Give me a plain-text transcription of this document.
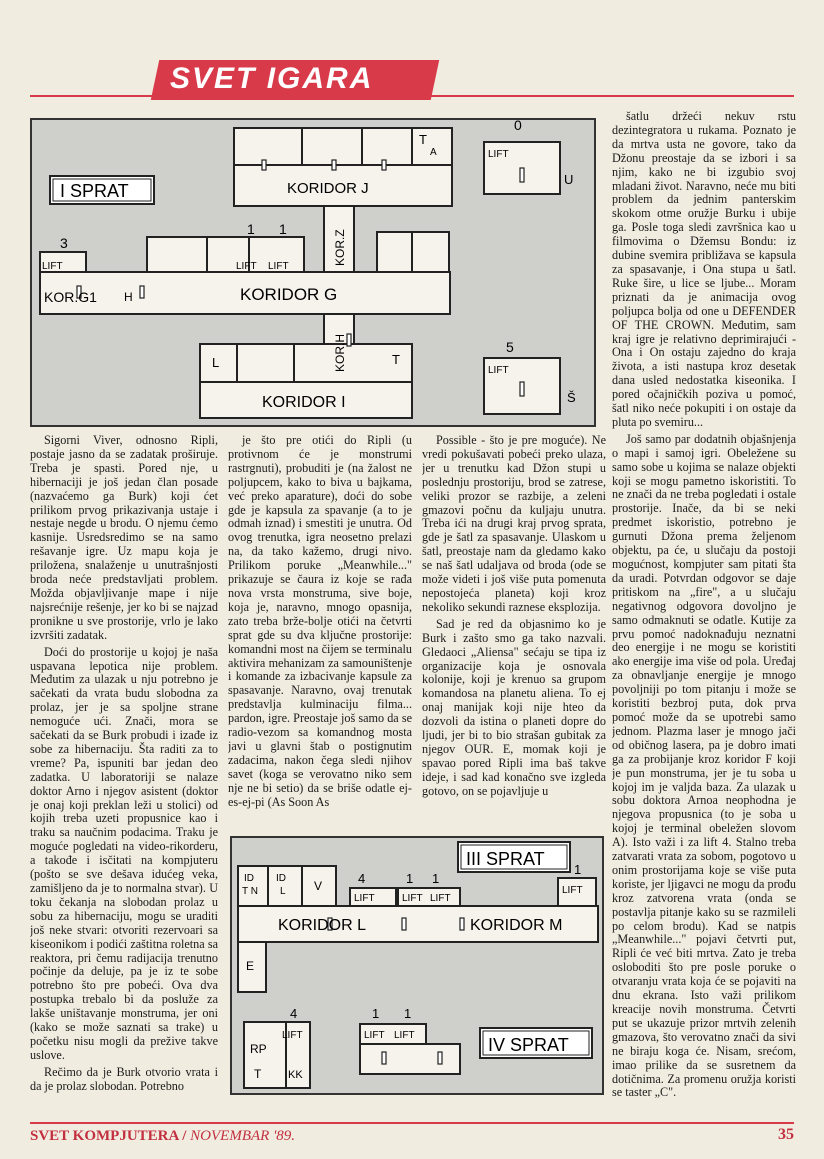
SVET IGARA
I SPRAT	KORIDOR J
KORIDOR G
KORIDOR I
KOR.G1
KOR.Z
KOR.H
LIFT	LIFT LIFT
LIFT
LIFT
T
A
H
L	T
0
3
1 1
5
U
Š
III SPRAT
IV SPRAT
KORIDOR L	KORIDOR M
LIFT	LIFT LIFT
LIFT
LIFT	LIFT LIFT
ID
T N
ID
L V
E
RP
T KK
4	1 1
1
4	1 1

Sigorni Viver, odnosno Ripli, postaje jasno da se zadatak proširuje. Treba je spasti. Pored nje, u hibernaciji je još jedan član posade (nazvaćemo ga Burk) koji ćet prilikom prvog prikazivanja ustaje i nestaje negde u brodu. O njemu ćemo kasnije. Usredsredimo se na samo rešavanje igre. Uz mapu koja je priložena, snalaženje u unutrašnjosti broda neće predstavljati problem. Možda objavljivanje mape i nije najsrećnije rešenje, jer ko bi se najzad pronikne u sve prostorije, vrlo je lako izvršiti zadatak.

Doći do prostorije u kojoj je naša uspavana lepotica nije problem. Međutim za ulazak u nju potrebno je sačekati da vrata budu slobodna za prolaz, jer je sa spoljne strane nemoguće ući. Znači, mora se sačekati da se Burk probudi i izađe iz sobe za hibernaciju. Šta raditi za to vreme? Pa, ispuniti bar jedan deo zadatka. U laboratoriji se nalaze doktor Arno i njegov asistent (doktor je onaj koji preklan leži u stolici) od kojih treba uzeti propusnice kao i traku sa naučnim podacima. Traku je moguće pogledati na video-rikorderu, a takođe i isčitati na kompjuteru (pošto se sve dešava idućeg veka, zamišljeno da je to normalna stvar). U toku čekanja na slobodan prolaz u sobu za hibernaciju, mogu se uraditi još neke stvari: otvoriti rezervoari sa kiseonikom i podići zaštitna roletna sa reaktora, pri čemu radijacija trenutno počinje da deluje, pa je iz te sobe potrebno što pre pobeći. Ova dva postupka trebalo bi da posluže za lakše uništavanje monstruma, jer oni (kako se može saznati sa trake) u početku nisu mogli da prežive takve uslove.

Rečimo da je Burk otvorio vrata i da je prolaz slobodan. Potrebno

je što pre otići do Ripli (u protivnom će je monstrumi rastrgnuti), probuditi je (na žalost ne poljupcem, kako to biva u bajkama, već preko aparature), doći do sobe gde je kapsula za spavanje (a to je odmah iznad) i smestiti je unutra. Od ovog trenutka, igra neosetno prelazi na, da tako kažemo, drugi nivo. Prilikom poruke „Meanwhile..." prikazuje se čaura iz koje se rađa nova vrsta monstruma, sive boje, koja je, naravno, mnogo opasnija, zato treba brže-bolje otići na četvrti sprat gde su dva ključne prostorije: komandni most na čijem se terminalu aktivira mehanizam za samouništenje i komande za izbacivanje kapsule za spasavanje. Naravno, ovaj trenutak predstavlja kulminaciju filma... pardon, igre. Preostaje još samo da se radio-vezom sa komandnog mosta javi u glavni štab o postignutim zadacima, nakon čega sledi njihov savet (koga se verovatno niko sem nje ne bi setio) da se briše odatle ej-es-ej-pi (As Soon As

Possible - što je pre moguće). Ne vredi pokušavati pobeći preko ulaza, jer u trenutku kad Džon stupi u poslednju prostoriju, brod se zatrese, veliki prozor se razbije, a zeleni gmazovi počnu da kuljaju unutra. Treba ići na drugi kraj prvog sprata, gde je šatl za spasavanje. Ulaskom u šatl, preostaje nam da gledamo kako se naš šatl udaljava od broda (ode se može videti i još više puta pomenuta nepostojeća planeta) koji kroz nekoliko sekundi raznese eksplozija.

Sad je red da objasnimo ko je Burk i zašto smo ga tako nazvali. Gledaoci „Aliensa" sećaju se tipa iz organizacije koja je osnovala kolonije, koji je krenuo sa grupom komandosa na planetu aliena. To ej onaj manijak koji nije hteo da dozvoli da istina o planeti dopre do ljudi, jer bi to bio strašan gubitak za njegov OUR. E, momak koji je spavao pored Ripli ima baš takve ideje, i sad kad konačno sve izgleda gotovo, on se pojavljuje u

šatlu držeći nekuv rstu dezintegratora u rukama. Poznato je da mrtva usta ne govore, tako da Džonu preostaje da se izbori i sa njim, kako ne bi izgubio svoj mladani život. Naravno, neće mu biti problem da jednim panterskim skokom otme oružje Burku i ubije ga. Posle toga sledi završnica kao u filmovima o Džemsu Bondu: iz dubine svemira približava se kapsula za spasavanje, i Ona stupa u šatl. Ruke šire, u lice se ljube... Moram priznati da je animacija ovog poljupca bolja od one u DEFENDER OF THE CROWN. Međutim, sam kraj igre je relativno deprimirajući - Ona i On ostaju zajedno do kraja života, a isti nastupa kroz desetak dana usled nedostatka kiseonika. I pored očajničkih poziva u pomoć, šatl niko neće pokupiti i on ostaje da pluta po svemiru...

Još samo par dodatnih objašnjenja o mapi i samoj igri. Obeležene su samo sobe u kojima se nalaze objekti koji se mogu pametno iskoristiti. To ne znači da ne treba pogledati i ostale prostorije. Inače, da bi se neki predmet iskoristio, potrebno je gurnuti Džona prema željenom objektu, pa će, u slučaju da postoji mogućnost, kompjuter sam pitati šta da uradi. Potvrdan odgovor se daje pritiskom na „fire", a u slučaju negativnog odgovora dovoljno je samo odmaknuti se odatle. Kutije za prvu pomoć nadoknađuju neznatni deo energije i ne mogu se koristiti ako energije ima više od pola. Uređaj za obnavljanje energije je mnogo povoljniji po tom pitanju i može se koristiti bezbroj puta, dok prva pomoć može da se upotrebi samo jednom. Plazma laser je mnogo jači od običnog lasera, pa je dobro imati ga za probijanje kroz koridor F koji je pun monstruma, jer je tu soba u kojoj im je valjda baza. Za ulazak u sobu doktora Arnoa neophodna je njegova propusnica (to je soba u kojoj je terminal obeležen slovom A). Isto važi i za lift 4. Stalno treba zatvarati vrata za sobom, pogotovo u onim prostorijama koje se više puta koriste, jer ljigavci ne mogu da prođu kroz zatvorena vrata (onda se postavlja pitanje kako su se razmileli po celom brodu). Kad se natpis „Meanwhile..." pojavi četvrti put, Ripli će već biti mrtva. Zato je treba osloboditi što pre posle poruke o otvaranju vrata koja će se pojaviti na dnu ekrana. Isto važi prilikom kreacije novih monstruma. Četvrti put se ukazuje prizor mrtvih zelenih gmazova, što verovatno znači da sivi ne biraju koga će. Nisam, srećom, imao prilike da se susretnem da dotičnima. Za promenu oružja koristi se taster „C".

SVET KOMPJUTERA / NOVEMBAR '89.	35
